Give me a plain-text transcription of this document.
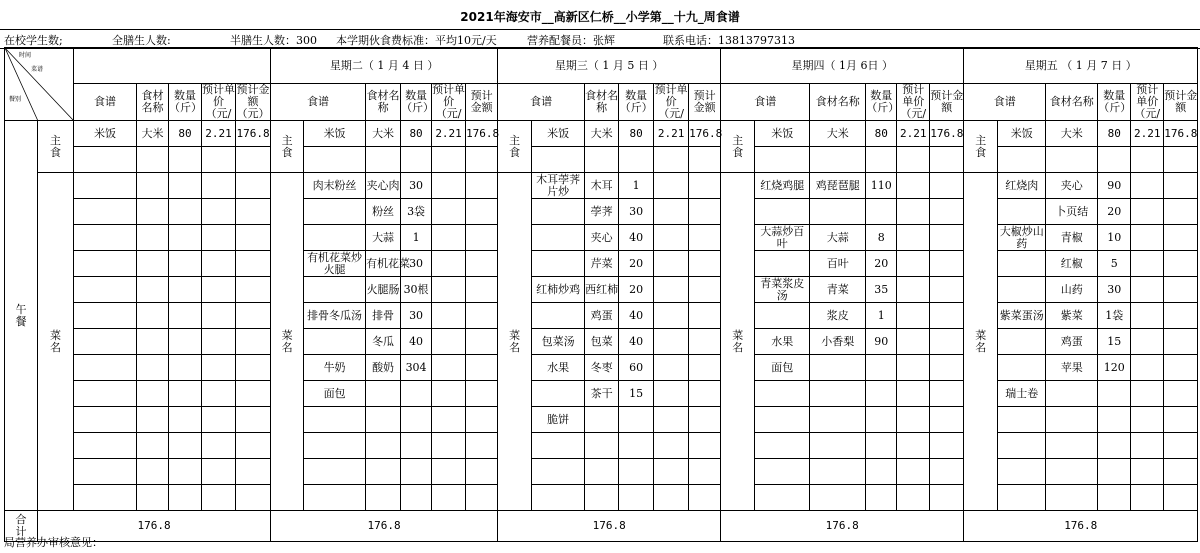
2021年海安市__高新区仁桥__小学第__十九_周食谱
在校学生数;	全膳生人数:	半膳生人数：300 本学期伙食费标准：平均10元/天	营养配餐员：张辉	联系电话：13813797313
时间
菜谱
餐别							星期二（ 1 月 4 日 ）						星期三（ 1 月 5 日 ）						星期四（ 1月 6日 ）						星期五 （ 1 月 7 日 ）					
		食谱	食材名称	数量（斤）	预计单价（元/	预计金额（元）	食谱		食材名称	数量（斤）	预计单价（元/	预计金额	食谱		食材名称	数量（斤）	预计单价（元/	预计金额	食谱		食材名称	数量（斤）	预计单价（元/	预计金额	食谱		食材名称	数量（斤）	预计单价（元/	预计金额
午餐	主食	米饭	大米	80	2.21	176.8	主食	米饭	大米	80	2.21	176.8	主食	米饭	大米	80	2.21	176.8	主食	米饭	大米	80	2.21	176.8	主食	米饭	大米	80	2.21	176.8

	菜名						菜名	肉末粉丝	夹心肉	30			菜名	木耳荸荠片炒	木耳	1			菜名	红烧鸡腿	鸡琵琶腿	110			菜名	红烧肉	夹心	90		
									粉丝	3袋					荸荠	30											卜页结	20		
									大蒜	1					夹心	40				大蒜炒百叶	大蒜	8				大椒炒山药	青椒	10		
								有机花菜炒火腿	有机花菜	30					芹菜	20					百叶	20					红椒	5		
									火腿肠	30根				红柿炒鸡	西红柿	20				青菜浆皮汤	青菜	35					山药	30		
								排骨冬瓜汤	排骨	30					鸡蛋	40					浆皮	1				紫菜蛋汤	紫菜	1袋		
									冬瓜	40				包菜汤	包菜	40				水果	小香梨	90					鸡蛋	15		
								牛奶	酸奶	304				水果	冬枣	60				面包							苹果	120		
								面包							茶干	15										瑞士卷				
														脆饼																

合计	176.8						176.8						176.8						176.8						176.8					
局营养办审核意见：
